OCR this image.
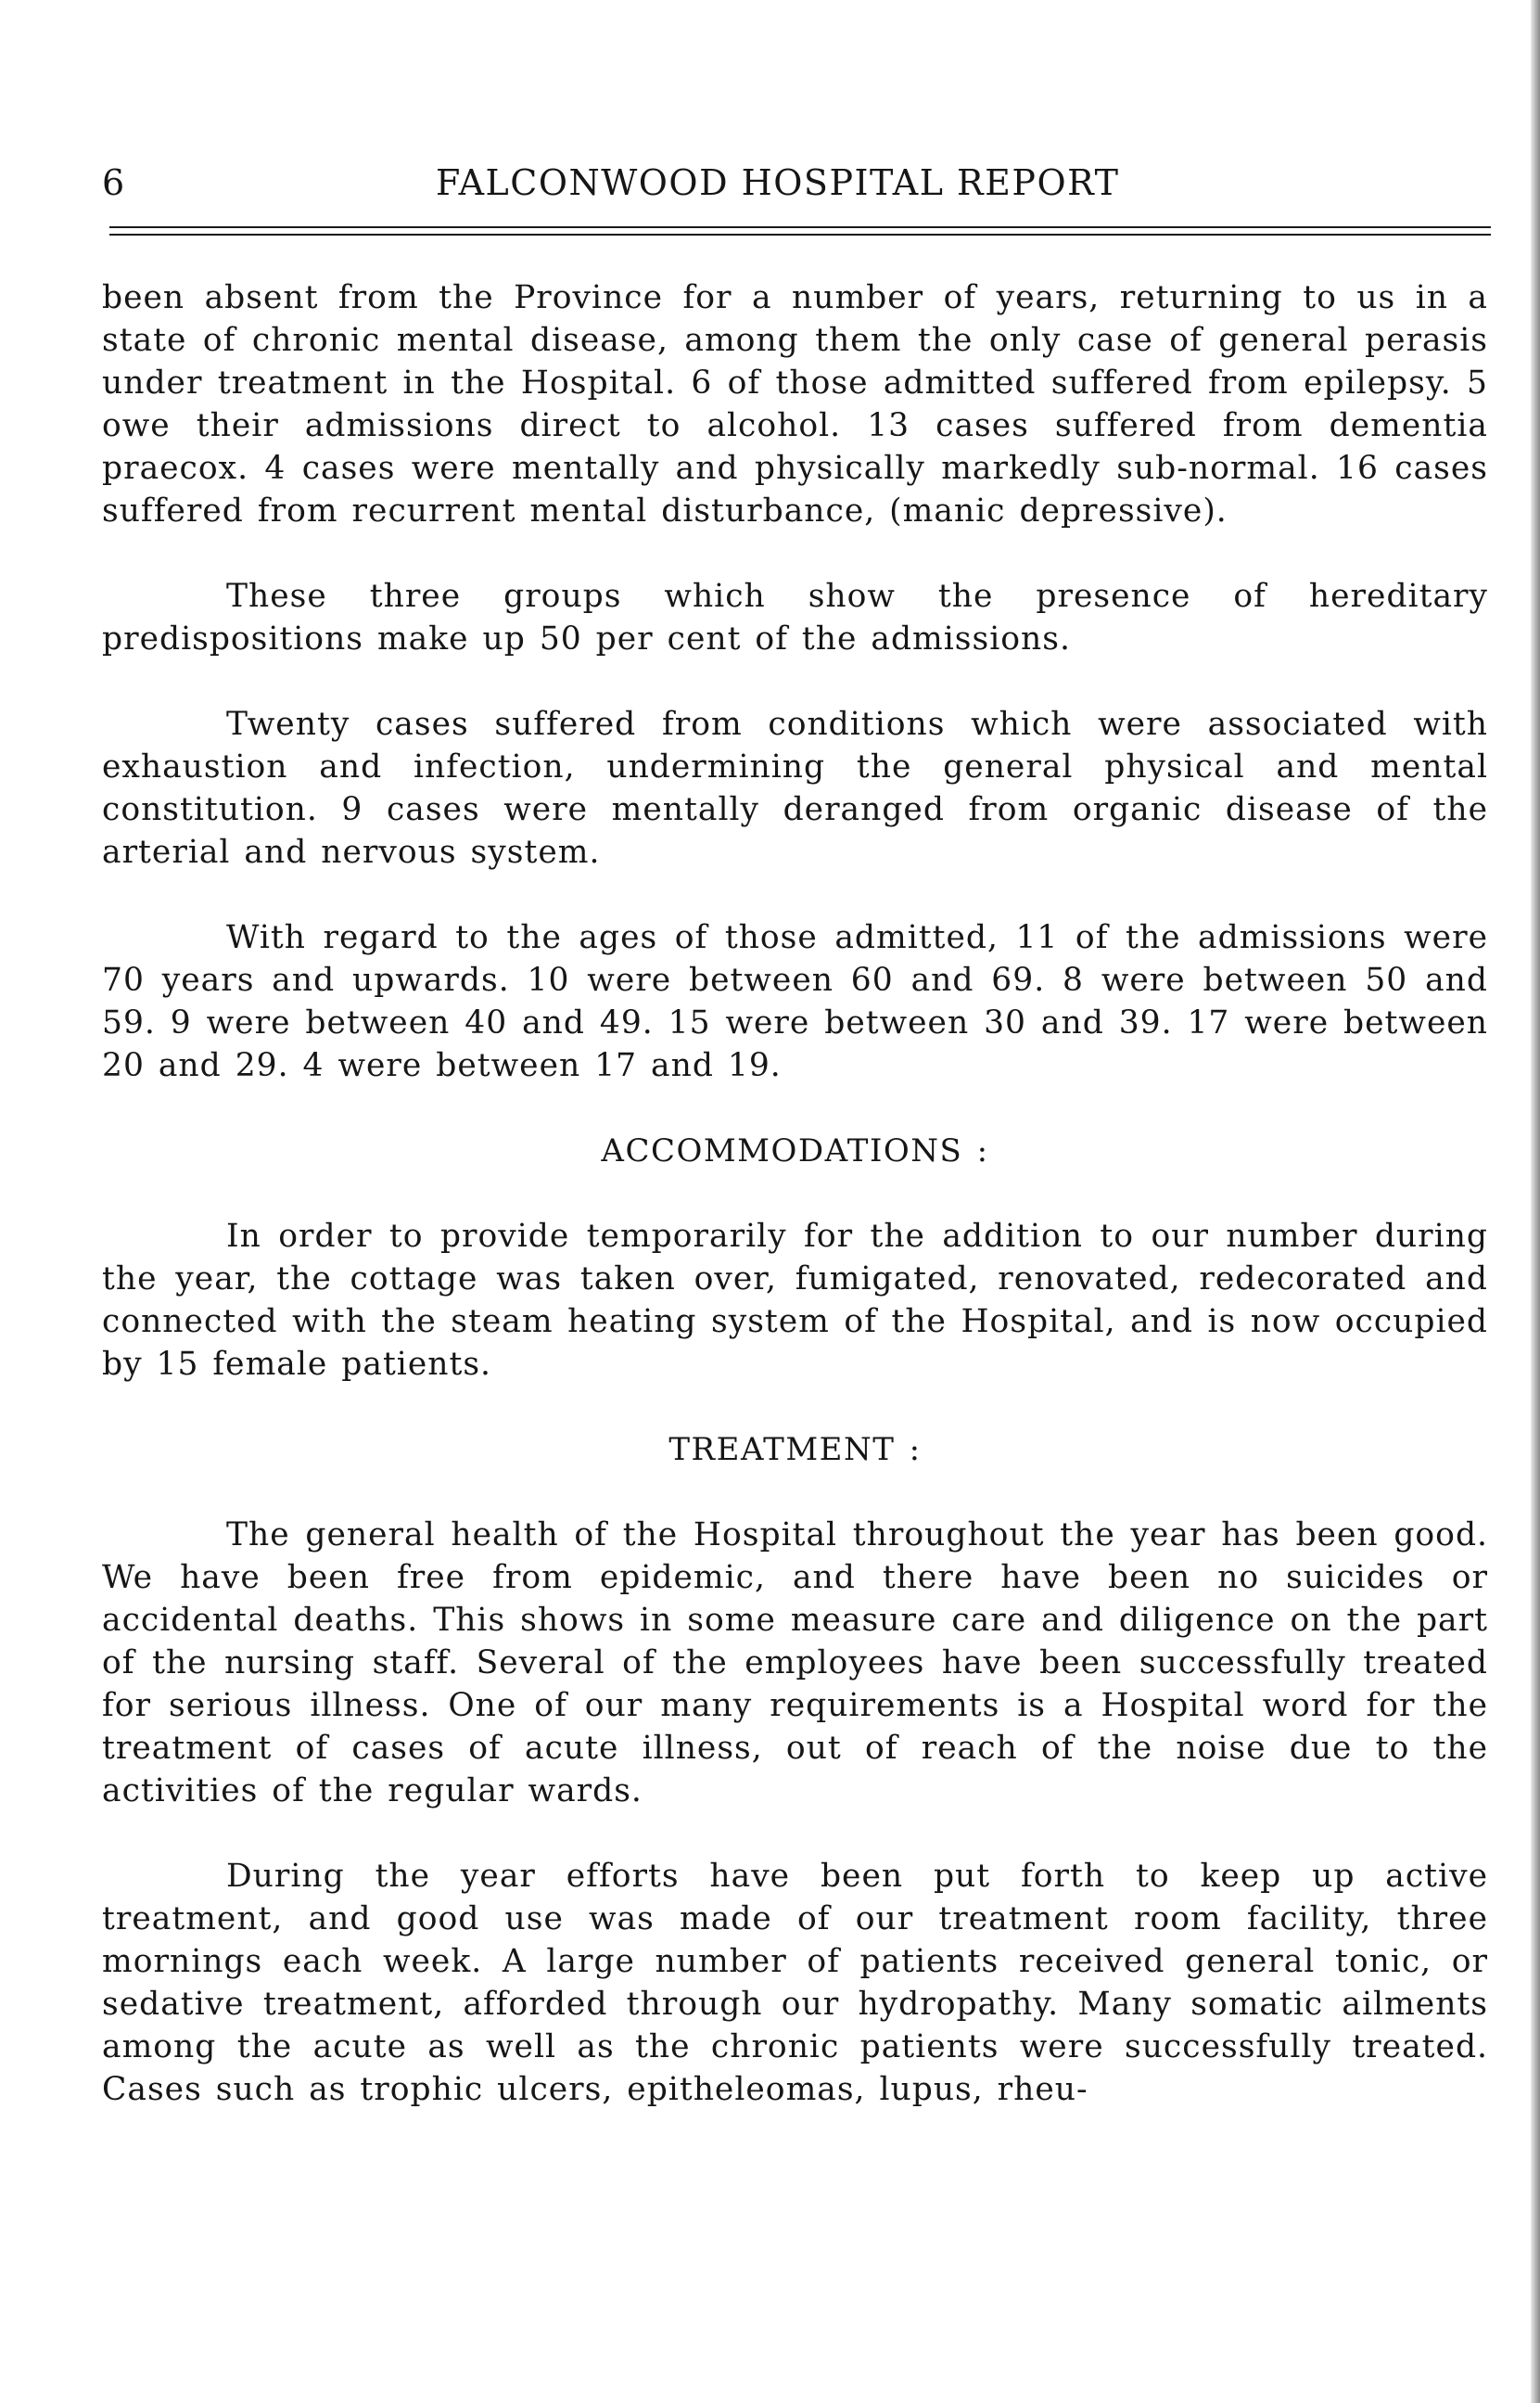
6	FALCONWOOD HOSPITAL REPORT

been absent from the Province for a number of years, returning to us in a state of chronic mental disease, among them the only case of general perasis under treatment in the Hospital. 6 of those admitted suffered from epilepsy. 5 owe their admissions direct to alcohol. 13 cases suffered from dementia praecox. 4 cases were mentally and physically markedly sub-normal. 16 cases suffered from recurrent mental disturbance, (manic depressive).

These three groups which show the presence of hereditary predispositions make up 50 per cent of the admissions.

Twenty cases suffered from conditions which were associated with exhaustion and infection, undermining the general physical and mental constitution. 9 cases were mentally deranged from organic disease of the arterial and nervous system.

With regard to the ages of those admitted, 11 of the admissions were 70 years and upwards. 10 were between 60 and 69. 8 were between 50 and 59. 9 were between 40 and 49. 15 were between 30 and 39. 17 were between 20 and 29. 4 were between 17 and 19.

ACCOMMODATIONS :

In order to provide temporarily for the addition to our number during the year, the cottage was taken over, fumigated, renovated, redecorated and connected with the steam heating system of the Hospital, and is now occupied by 15 female patients.

TREATMENT :

The general health of the Hospital throughout the year has been good. We have been free from epidemic, and there have been no suicides or accidental deaths. This shows in some measure care and diligence on the part of the nursing staff. Several of the employees have been successfully treated for serious illness. One of our many requirements is a Hospital word for the treatment of cases of acute illness, out of reach of the noise due to the activities of the regular wards.

During the year efforts have been put forth to keep up active treatment, and good use was made of our treatment room facility, three mornings each week. A large number of patients received general tonic, or sedative treatment, afforded through our hydropathy. Many somatic ailments among the acute as well as the chronic patients were successfully treated. Cases such as trophic ulcers, epitheleomas, lupus, rheu-
